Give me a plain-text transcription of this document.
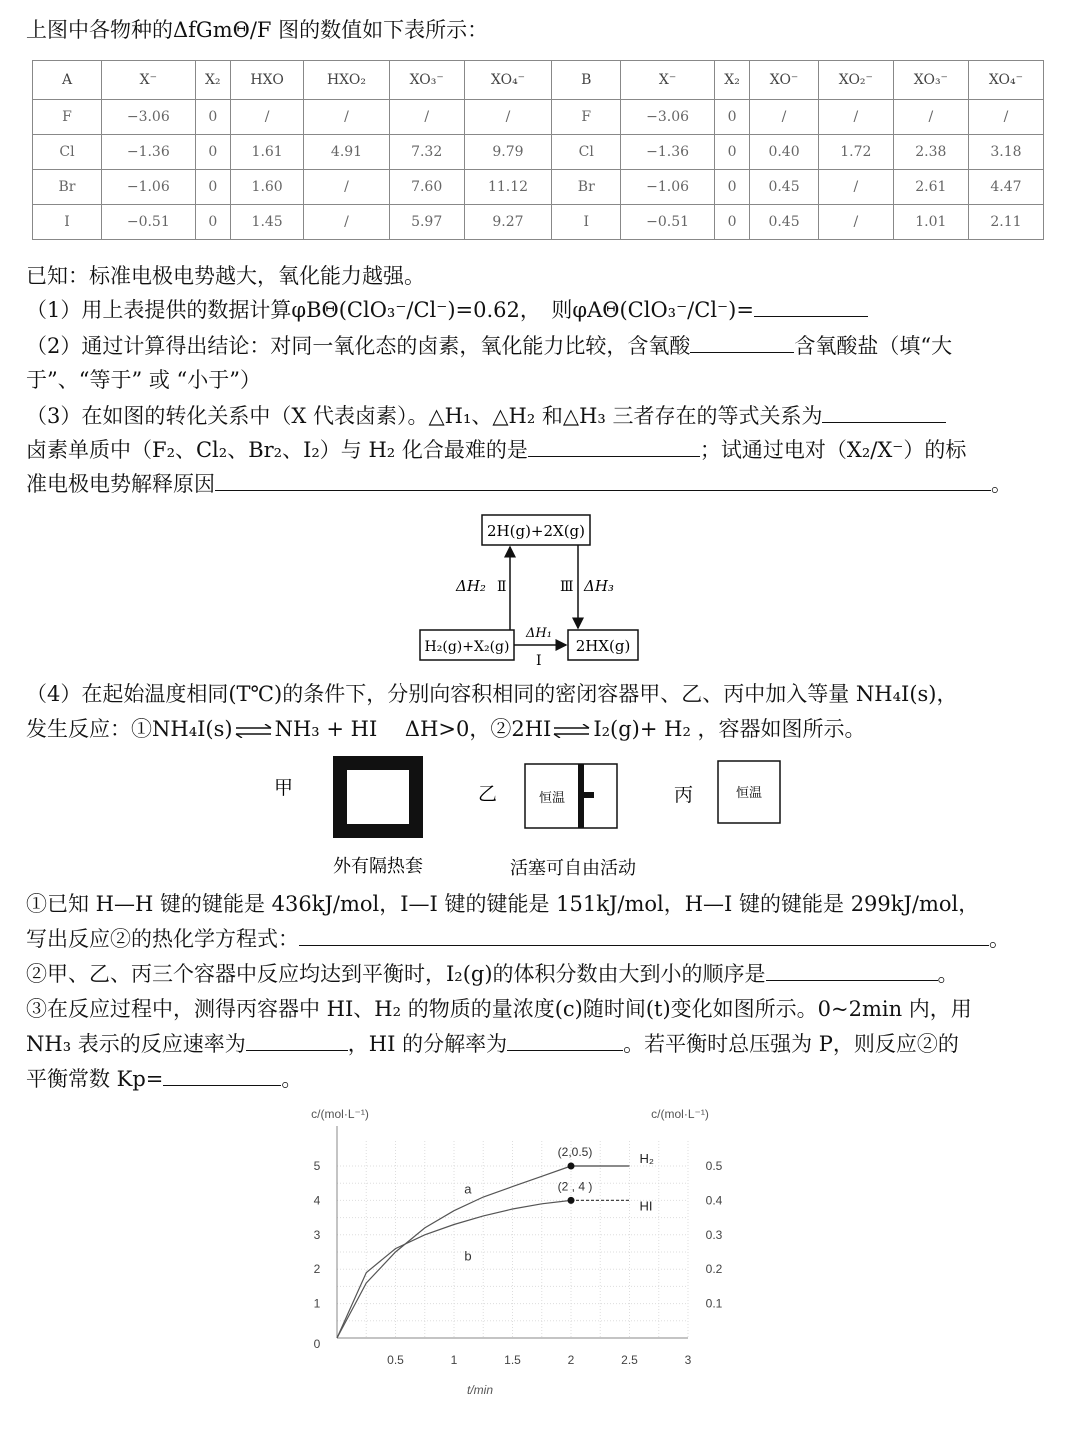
上图中各物种的ΔfGmΘ/F 图的数值如下表所示：
A	X⁻	X₂	HXO	HXO₂	XO₃⁻	XO₄⁻	B	X⁻	X₂	XO⁻	XO₂⁻	XO₃⁻	XO₄⁻
F	−3.06	0	/	/	/	/	F	−3.06	0	/	/	/	/
Cl	−1.36	0	1.61	4.91	7.32	9.79	Cl	−1.36	0	0.40	1.72	2.38	3.18
Br	−1.06	0	1.60	/	7.60	11.12	Br	−1.06	0	0.45	/	2.61	4.47
I	−0.51	0	1.45	/	5.97	9.27	I	−0.51	0	0.45	/	1.01	2.11
已知：标准电极电势越大，氧化能力越强。
（1）用上表提供的数据计算φBΘ(ClO₃⁻/Cl⁻)=0.62，　则φAΘ(ClO₃⁻/Cl⁻)=
（2）通过计算得出结论：对同一氧化态的卤素，氧化能力比较，含氧酸	含氧酸盐（填“大
于”、“等于” 或 “小于”）
（3）在如图的转化关系中（X 代表卤素）。△H₁、△H₂ 和△H₃ 三者存在的等式关系为
卤素单质中（F₂、Cl₂、Br₂、I₂）与 H₂ 化合最难的是	；试通过电对（X₂/X⁻）的标
准电极电势解释原因	。
2H(g)+2X(g)
H₂(g)+X₂(g)	2HX(g)
ΔH₂ Ⅱ	Ⅲ ΔH₃
ΔH₁
I
（4）在起始温度相同(T℃)的条件下，分别向容积相同的密闭容器甲、乙、丙中加入等量 NH₄I(s)，
发生反应：①NH₄I(s) ⇌ NH₃ + HI　 ΔH>0，②2HI ⇌ I₂(g)+ H₂ ，容器如图所示。
甲	乙	恒温	丙	恒温
外有隔热套	活塞可自由活动
①已知 H—H 键的键能是 436kJ/mol，I—I 键的键能是 151kJ/mol，H—I 键的键能是 299kJ/mol，
写出反应②的热化学方程式：	。
②甲、乙、丙三个容器中反应均达到平衡时，I₂(g)的体积分数由大到小的顺序是	。
③在反应过程中，测得丙容器中 HI、H₂ 的物质的量浓度(c)随时间(t)变化如图所示。0~2min 内，用
NH₃ 表示的反应速率为	，HI 的分解率为	。若平衡时总压强为 P，则反应②的
平衡常数 Kp=	。
0
1
2
3
4
5
0.1
0.2
0.3
0.4
0.5
0.5	1	1.5	2	2.5	3
(2,0.5)	H₂
a	(2 , 4 )
HI
b
c/(mol·L⁻¹)	c/(mol·L⁻¹)
t/min
